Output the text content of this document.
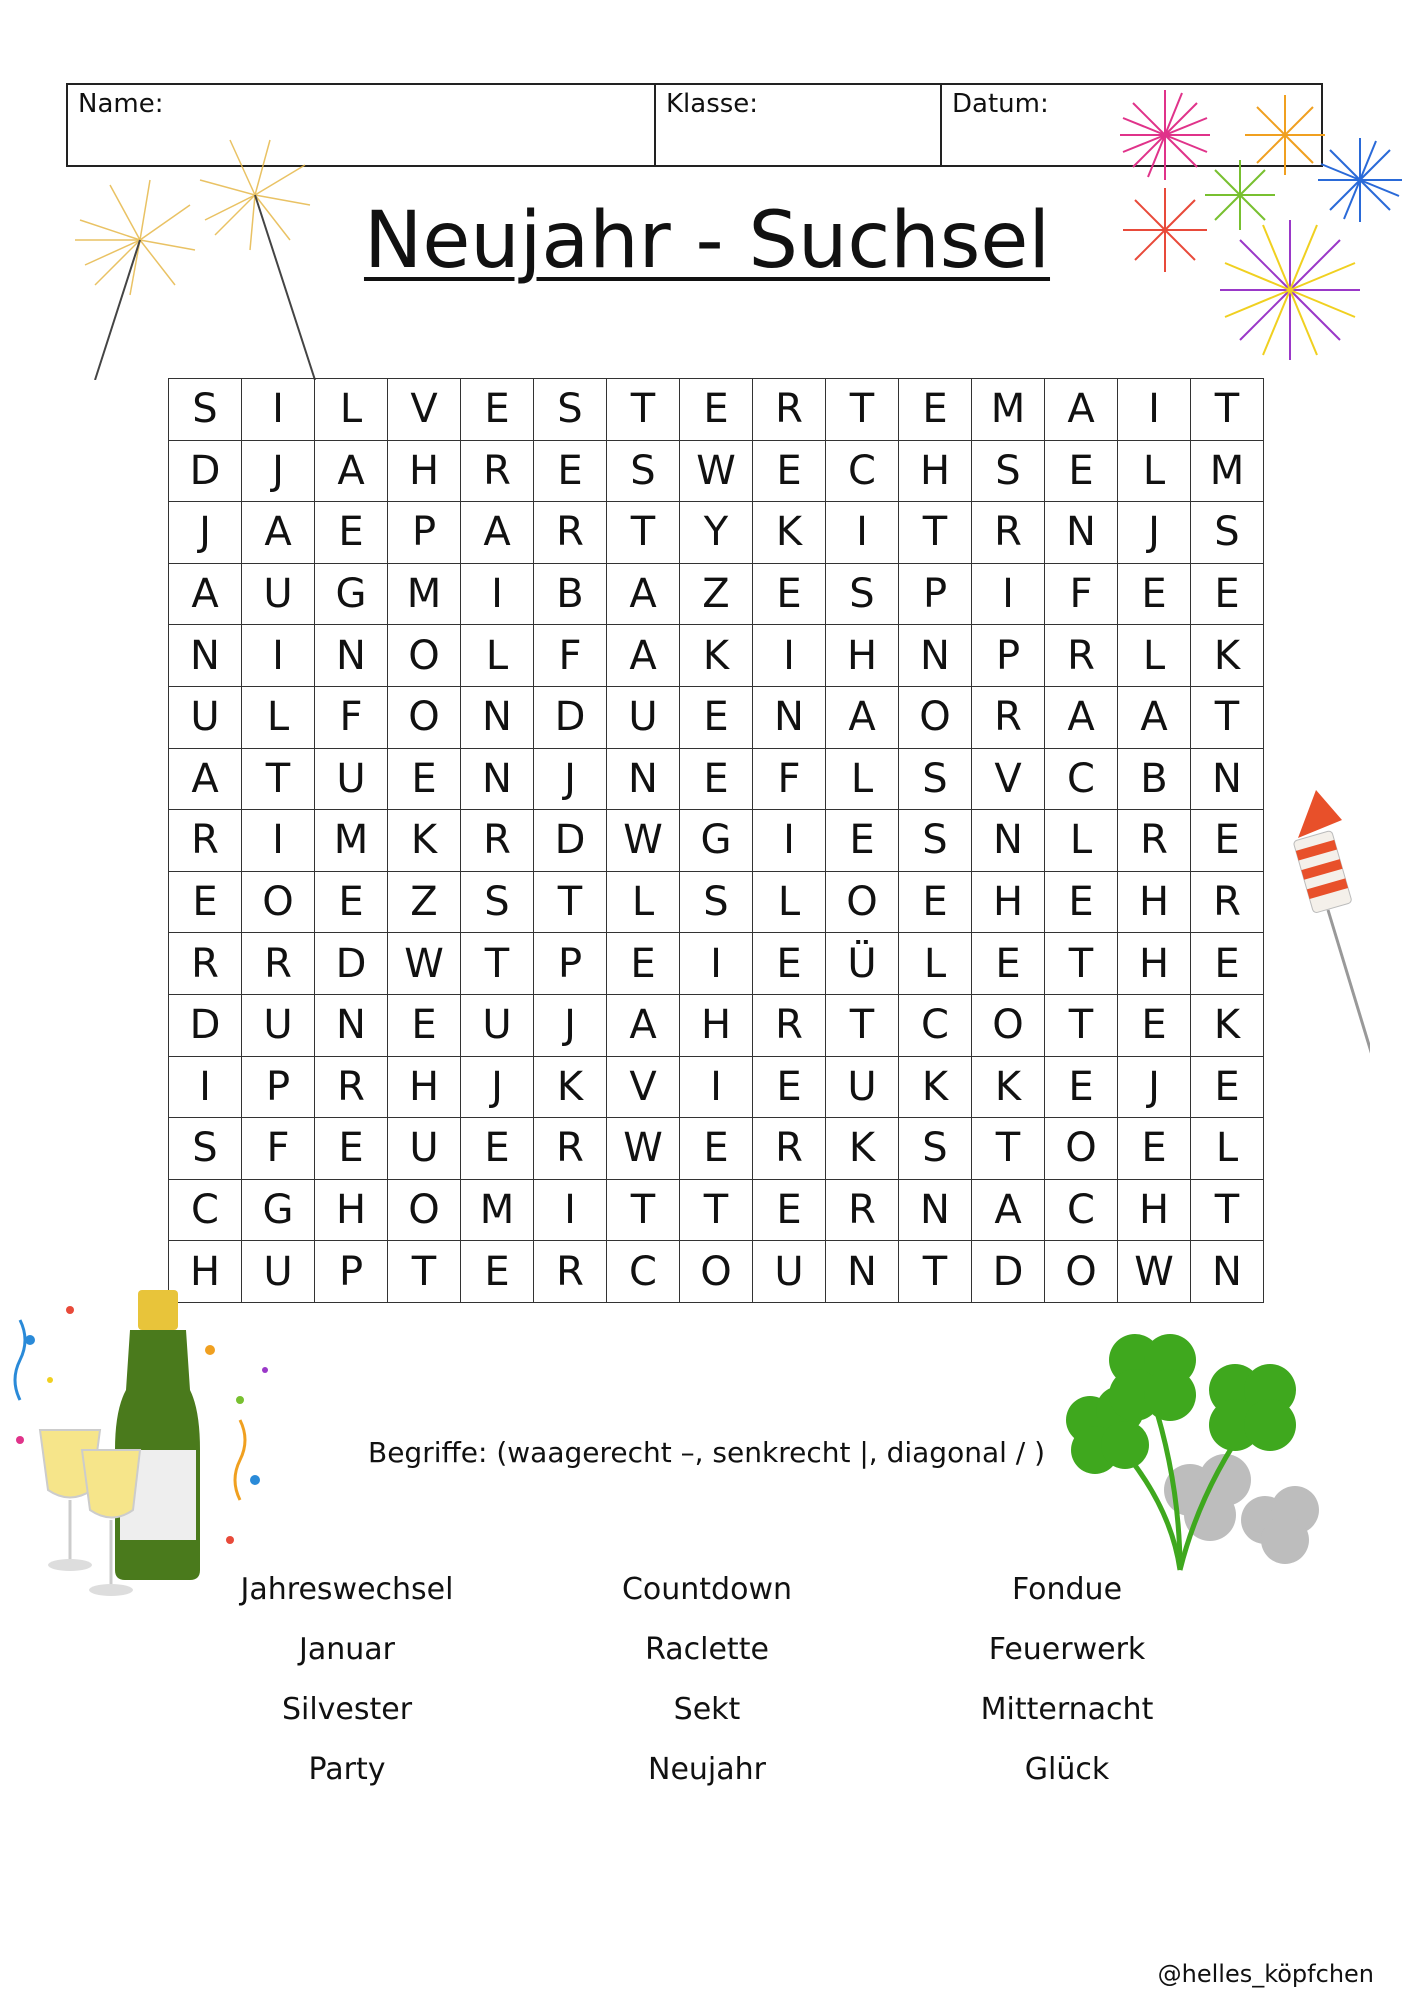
Name:	Klasse:	Datum:
Neujahr - Suchsel
S	I	L	V	E	S	T	E	R	T	E	M	A	I	T
D	J	A	H	R	E	S	W	E	C	H	S	E	L	M
J	A	E	P	A	R	T	Y	K	I	T	R	N	J	S
A	U	G	M	I	B	A	Z	E	S	P	I	F	E	E
N	I	N	O	L	F	A	K	I	H	N	P	R	L	K
U	L	F	O	N	D	U	E	N	A	O	R	A	A	T
A	T	U	E	N	J	N	E	F	L	S	V	C	B	N
R	I	M	K	R	D	W	G	I	E	S	N	L	R	E
E	O	E	Z	S	T	L	S	L	O	E	H	E	H	R
R	R	D	W	T	P	E	I	E	Ü	L	E	T	H	E
D	U	N	E	U	J	A	H	R	T	C	O	T	E	K
I	P	R	H	J	K	V	I	E	U	K	K	E	J	E
S	F	E	U	E	R	W	E	R	K	S	T	O	E	L
C	G	H	O	M	I	T	T	E	R	N	A	C	H	T
H	U	P	T	E	R	C	O	U	N	T	D	O	W	N
Begriffe: (waagerecht –, senkrecht |, diagonal / )
Jahreswechsel
Januar
Silvester
Party
Countdown
Raclette
Sekt
Neujahr
Fondue
Feuerwerk
Mitternacht
Glück
@helles_köpfchen
